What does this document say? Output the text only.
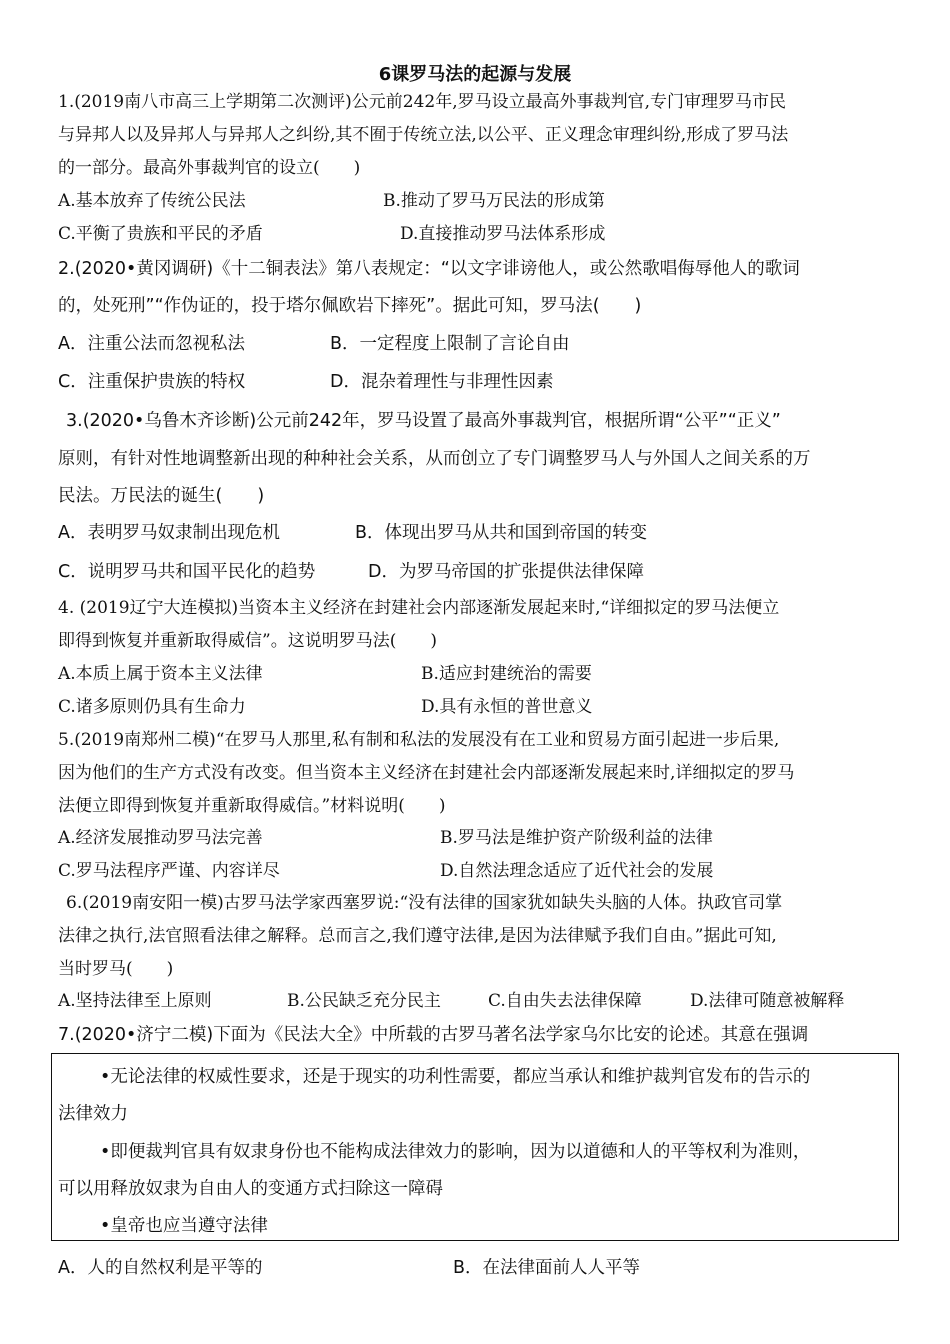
6课罗马法的起源与发展
1.(2019南八市高三上学期第二次测评)公元前242年,罗马设立最高外事裁判官,专门审理罗马市民
与异邦人以及异邦人与异邦人之纠纷,其不囿于传统立法,以公平、正义理念审理纠纷,形成了罗马法
的一部分。最高外事裁判官的设立(　　)
A.基本放弃了传统公民法	B.推动了罗马万民法的形成第
C.平衡了贵族和平民的矛盾	D.直接推动罗马法体系形成
2.(2020•黄冈调研)《十二铜表法》第八表规定：“以文字诽谤他人，或公然歌唱侮辱他人的歌词
的，处死刑”“作伪证的，投于塔尔佩欧岩下摔死”。据此可知，罗马法(　　)
A．注重公法而忽视私法	B．一定程度上限制了言论自由
C．注重保护贵族的特权	D．混杂着理性与非理性因素
3.(2020•乌鲁木齐诊断)公元前242年，罗马设置了最高外事裁判官，根据所谓“公平”“正义”
原则，有针对性地调整新出现的种种社会关系，从而创立了专门调整罗马人与外国人之间关系的万
民法。万民法的诞生(　　)
A．表明罗马奴隶制出现危机	B．体现出罗马从共和国到帝国的转变
C．说明罗马共和国平民化的趋势	D．为罗马帝国的扩张提供法律保障
4. (2019辽宁大连模拟)当资本主义经济在封建社会内部逐渐发展起来时,“详细拟定的罗马法便立
即得到恢复并重新取得威信”。这说明罗马法(　　)
A.本质上属于资本主义法律	B.适应封建统治的需要
C.诸多原则仍具有生命力	D.具有永恒的普世意义
5.(2019南郑州二模)“在罗马人那里,私有制和私法的发展没有在工业和贸易方面引起进一步后果,
因为他们的生产方式没有改变。但当资本主义经济在封建社会内部逐渐发展起来时,详细拟定的罗马
法便立即得到恢复并重新取得威信。”材料说明(　　)
A.经济发展推动罗马法完善	B.罗马法是维护资产阶级利益的法律
C.罗马法程序严谨、内容详尽	D.自然法理念适应了近代社会的发展
6.(2019南安阳一模)古罗马法学家西塞罗说:“没有法律的国家犹如缺失头脑的人体。执政官司掌
法律之执行,法官照看法律之解释。总而言之,我们遵守法律,是因为法律赋予我们自由。”据此可知,
当时罗马(　　)
A.坚持法律至上原则	B.公民缺乏充分民主	C.自由失去法律保障	D.法律可随意被解释
7.(2020•济宁二模)下面为《民法大全》中所载的古罗马著名法学家乌尔比安的论述。其意在强调
•无论法律的权威性要求，还是于现实的功利性需要，都应当承认和维护裁判官发布的告示的
法律效力
•即便裁判官具有奴隶身份也不能构成法律效力的影响，因为以道德和人的平等权利为准则，
可以用释放奴隶为自由人的变通方式扫除这一障碍
•皇帝也应当遵守法律
A．人的自然权利是平等的	B．在法律面前人人平等
